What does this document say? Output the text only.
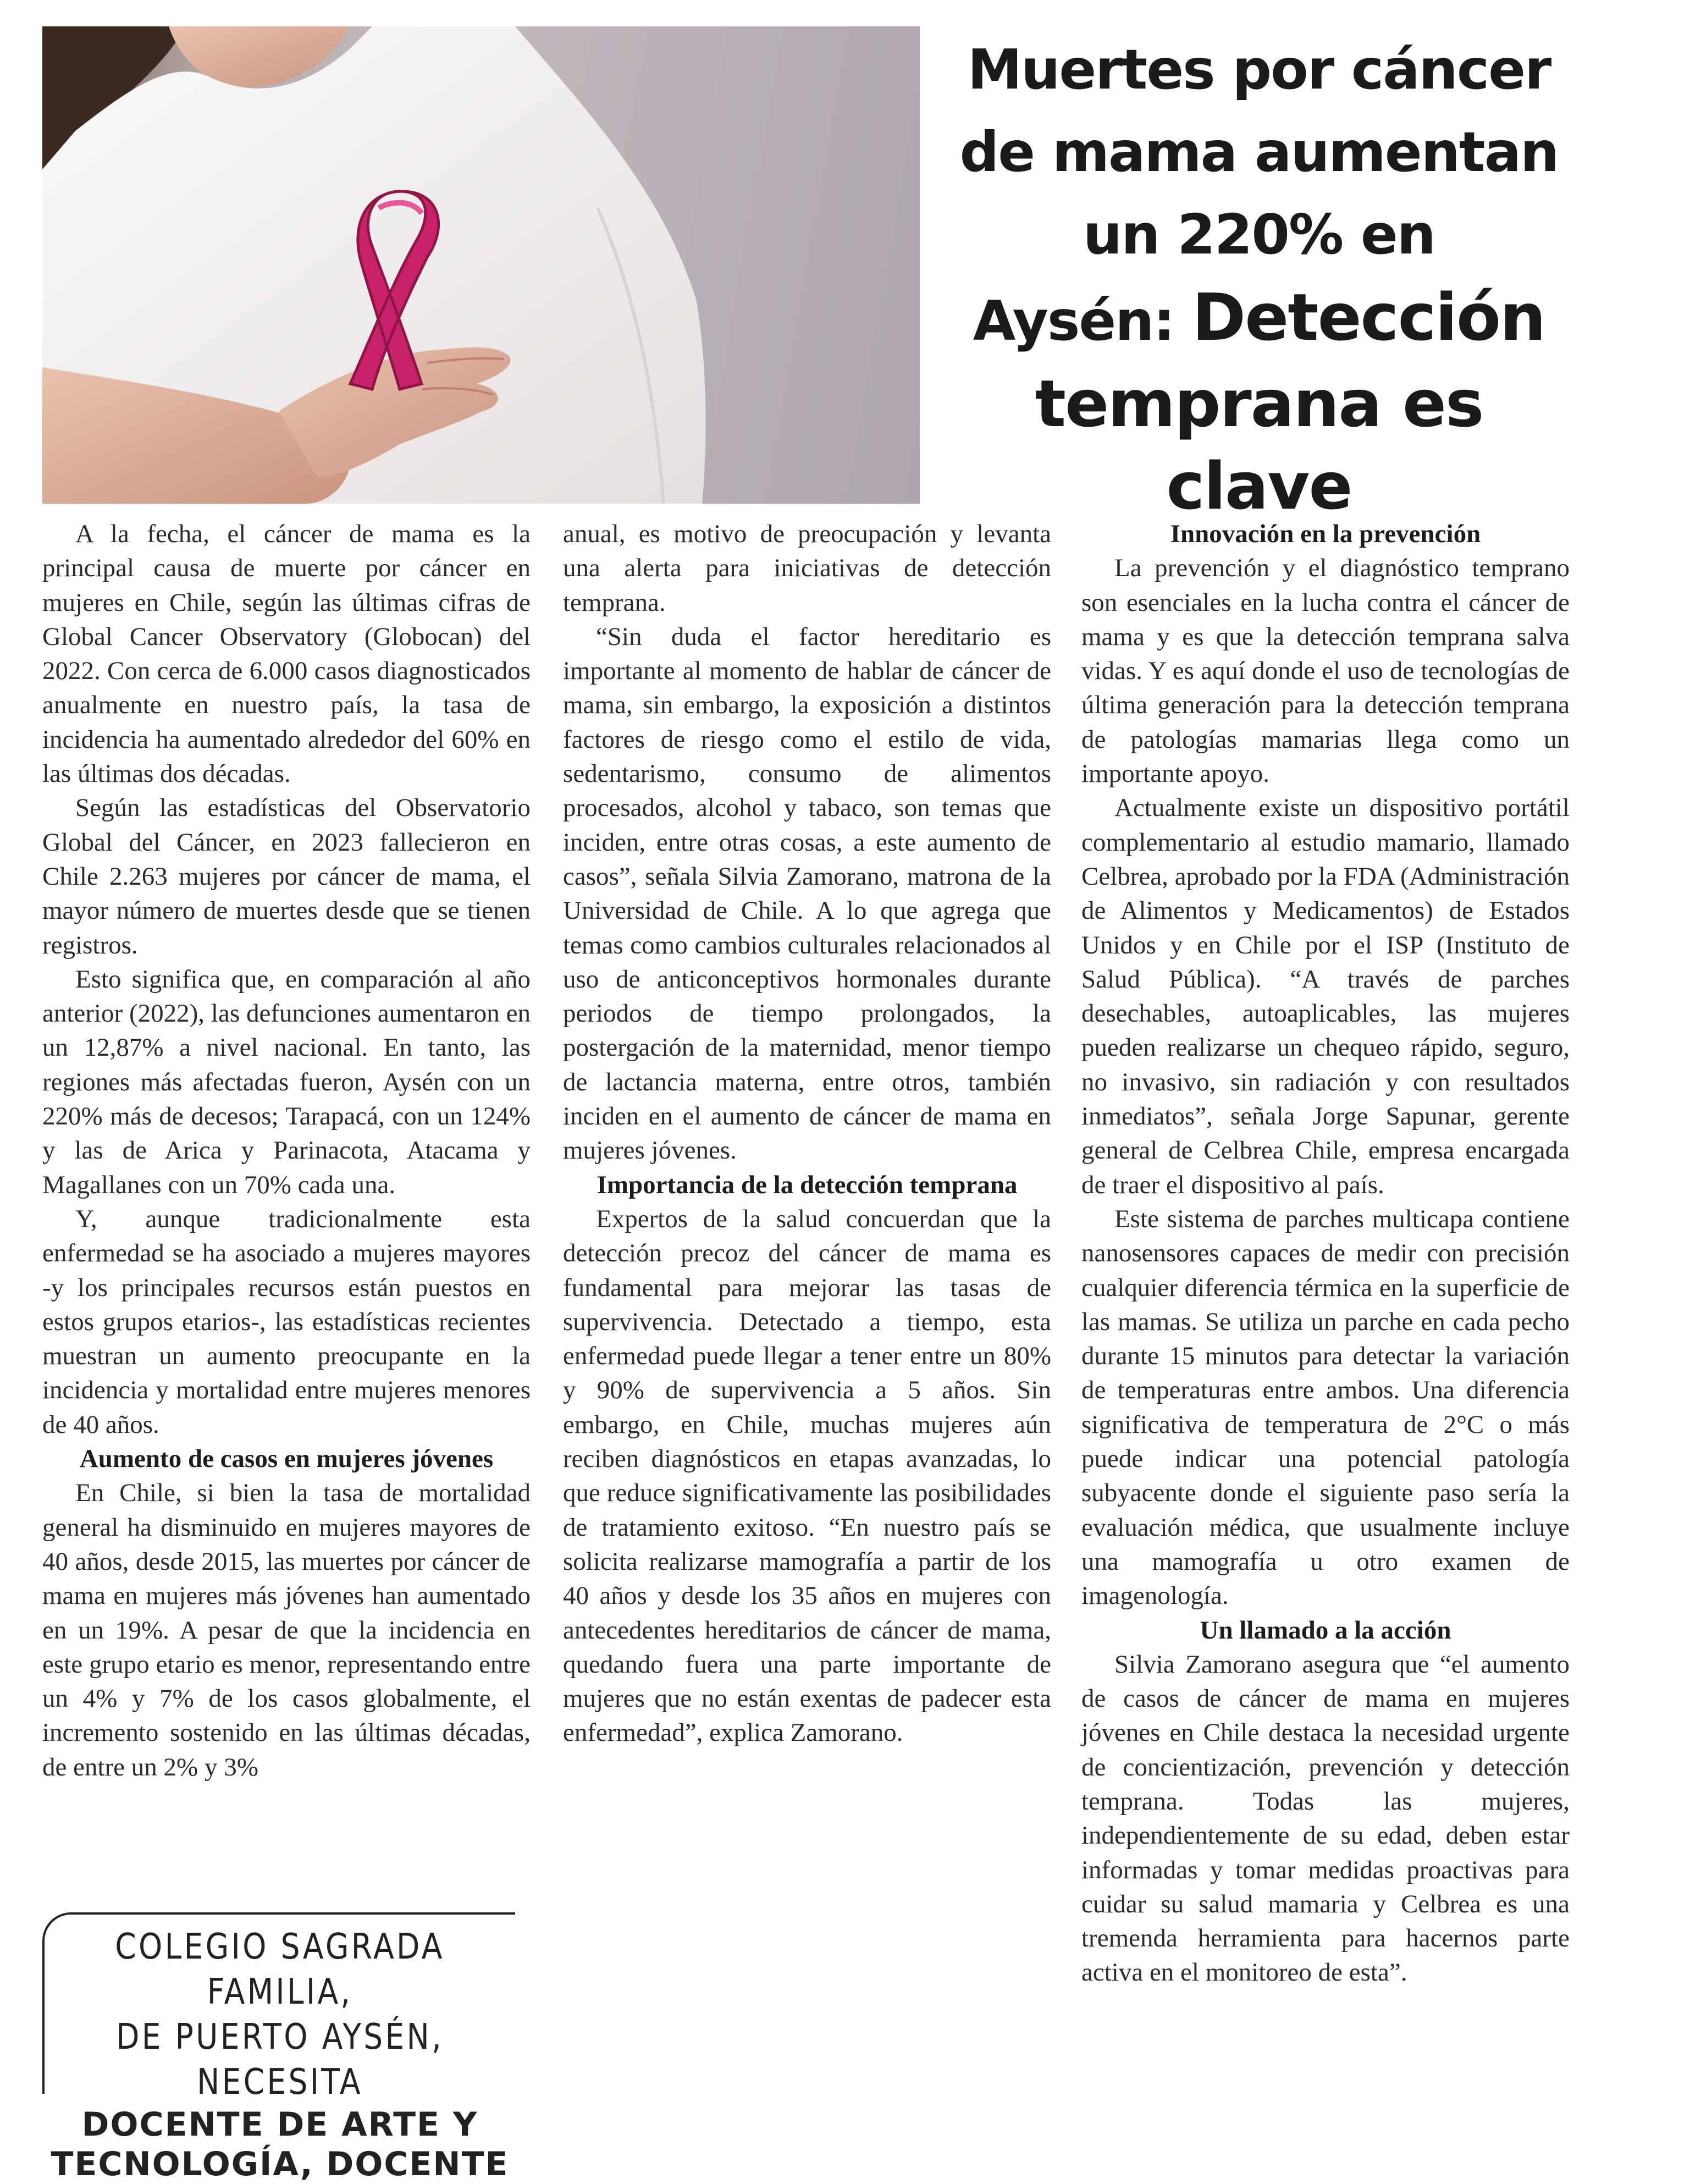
Muertes por cáncer
de mama aumentan
un 220% en
Aysén: Detección
temprana es clave

A la fecha, el cáncer de mama es la principal causa de muerte por cáncer en mujeres en Chile, según las últimas cifras de Global Cancer Observatory (Globocan) del 2022. Con cerca de 6.000 casos diagnosticados anualmente en nuestro país, la tasa de incidencia ha aumentado alrededor del 60% en las últimas dos décadas.

Según las estadísticas del Observatorio Global del Cáncer, en 2023 fallecieron en Chile 2.263 mujeres por cáncer de mama, el mayor número de muertes desde que se tienen registros.

Esto significa que, en comparación al año anterior (2022), las defunciones aumentaron en un 12,87% a nivel nacional. En tanto, las regiones más afectadas fueron, Aysén con un 220% más de decesos; Tarapacá, con un 124% y las de Arica y Parinacota, Atacama y Magallanes con un 70% cada una.

Y, aunque tradicionalmente esta enfermedad se ha asociado a mujeres mayores -y los principales recursos están puestos en estos grupos etarios-, las estadísticas recientes muestran un aumento preocupante en la incidencia y mortalidad entre mujeres menores de 40 años.

Aumento de casos en mujeres jóvenes

En Chile, si bien la tasa de mortalidad general ha disminuido en mujeres mayores de 40 años, desde 2015, las muertes por cáncer de mama en mujeres más jóvenes han aumentado en un 19%. A pesar de que la incidencia en este grupo etario es menor, representando entre un 4% y 7% de los casos globalmente, el incremento sostenido en las últimas décadas, de entre un 2% y 3%

anual, es motivo de preocupación y levanta una alerta para iniciativas de detección temprana.

“Sin duda el factor hereditario es importante al momento de hablar de cáncer de mama, sin embargo, la exposición a distintos factores de riesgo como el estilo de vida, sedentarismo, consumo de alimentos procesados, alcohol y tabaco, son temas que inciden, entre otras cosas, a este aumento de casos”, señala Silvia Zamorano, matrona de la Universidad de Chile. A lo que agrega que temas como cambios culturales relacionados al uso de anticonceptivos hormonales durante periodos de tiempo prolongados, la postergación de la maternidad, menor tiempo de lactancia materna, entre otros, también inciden en el aumento de cáncer de mama en mujeres jóvenes.

Importancia de la detección temprana

Expertos de la salud concuerdan que la detección precoz del cáncer de mama es fundamental para mejorar las tasas de supervivencia. Detectado a tiempo, esta enfermedad puede llegar a tener entre un 80% y 90% de supervivencia a 5 años. Sin embargo, en Chile, muchas mujeres aún reciben diagnósticos en etapas avanzadas, lo que reduce significativamente las posibilidades de tratamiento exitoso. “En nuestro país se solicita realizarse mamografía a partir de los 40 años y desde los 35 años en mujeres con antecedentes hereditarios de cáncer de mama, quedando fuera una parte importante de mujeres que no están exentas de padecer esta enfermedad”, explica Zamorano.

Innovación en la prevención

La prevención y el diagnóstico temprano son esenciales en la lucha contra el cáncer de mama y es que la detección temprana salva vidas. Y es aquí donde el uso de tecnologías de última generación para la detección temprana de patologías mamarias llega como un importante apoyo.

Actualmente existe un dispositivo portátil complementario al estudio mamario, llamado Celbrea, aprobado por la FDA (Administración de Alimentos y Medicamentos) de Estados Unidos y en Chile por el ISP (Instituto de Salud Pública). “A través de parches desechables, autoaplicables, las mujeres pueden realizarse un chequeo rápido, seguro, no invasivo, sin radiación y con resultados inmediatos”, señala Jorge Sapunar, gerente general de Celbrea Chile, empresa encargada de traer el dispositivo al país.

Este sistema de parches multicapa contiene nanosensores capaces de medir con precisión cualquier diferencia térmica en la superficie de las mamas. Se utiliza un parche en cada pecho durante 15 minutos para detectar la variación de temperaturas entre ambos. Una diferencia significativa de temperatura de 2°C o más puede indicar una potencial patología subyacente donde el siguiente paso sería la evaluación médica, que usualmente incluye una mamografía u otro examen de imagenología.

Un llamado a la acción

Silvia Zamorano asegura que “el aumento de casos de cáncer de mama en mujeres jóvenes en Chile destaca la necesidad urgente de concientización, prevención y detección temprana. Todas las mujeres, independientemente de su edad, deben estar informadas y tomar medidas proactivas para cuidar su salud mamaria y Celbrea es una tremenda herramienta para hacernos parte activa en el monitoreo de esta”.

COLEGIO SAGRADA FAMILIA,
DE PUERTO AYSÉN, NECESITA
DOCENTE DE ARTE Y
TECNOLOGÍA, DOCENTE
